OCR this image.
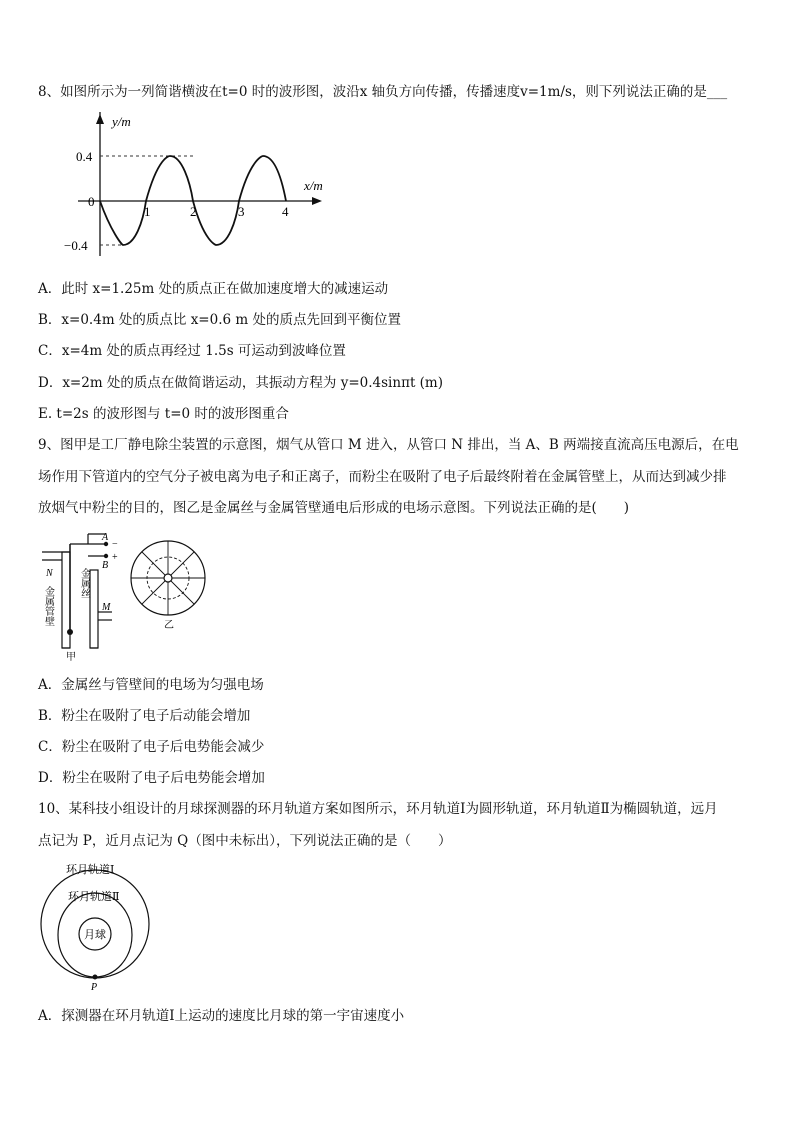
8、如图所示为一列简谐横波在t=0 时的波形图，波沿x 轴负方向传播，传播速度v=1m/s，则下列说法正确的是___
y/m
x/m
0.4
0
−0.4
1	2	3	4
A．此时 x=1.25m 处的质点正在做加速度增大的减速运动
B．x=0.4m 处的质点比 x=0.6 m 处的质点先回到平衡位置
C．x=4m 处的质点再经过 1.5s 可运动到波峰位置
D．x=2m 处的质点在做简谐运动，其振动方程为 y=0.4sinπt (m)
E. t=2s 的波形图与 t=0 时的波形图重合
9、图甲是工厂静电除尘装置的示意图，烟气从管口 M 进入，从管口 N 排出，当 A、B 两端接直流高压电源后，在电
场作用下管道内的空气分子被电离为电子和正离子，而粉尘在吸附了电子后最终附着在金属管壁上，从而达到减少排
放烟气中粉尘的目的，图乙是金属丝与金属管壁通电后形成的电场示意图。下列说法正确的是(　　)
A
B
−
+
N
M
金属管壁
金属丝
甲
乙
A．金属丝与管壁间的电场为匀强电场
B．粉尘在吸附了电子后动能会增加
C．粉尘在吸附了电子后电势能会减少
D．粉尘在吸附了电子后电势能会增加
10、某科技小组设计的月球探测器的环月轨道方案如图所示，环月轨道Ⅰ为圆形轨道，环月轨道Ⅱ为椭圆轨道，远月
点记为 P，近月点记为 Q（图中未标出），下列说法正确的是（　　）
环月轨道Ⅰ
环月轨道Ⅱ
月球
P
A．探测器在环月轨道Ⅰ上运动的速度比月球的第一宇宙速度小
